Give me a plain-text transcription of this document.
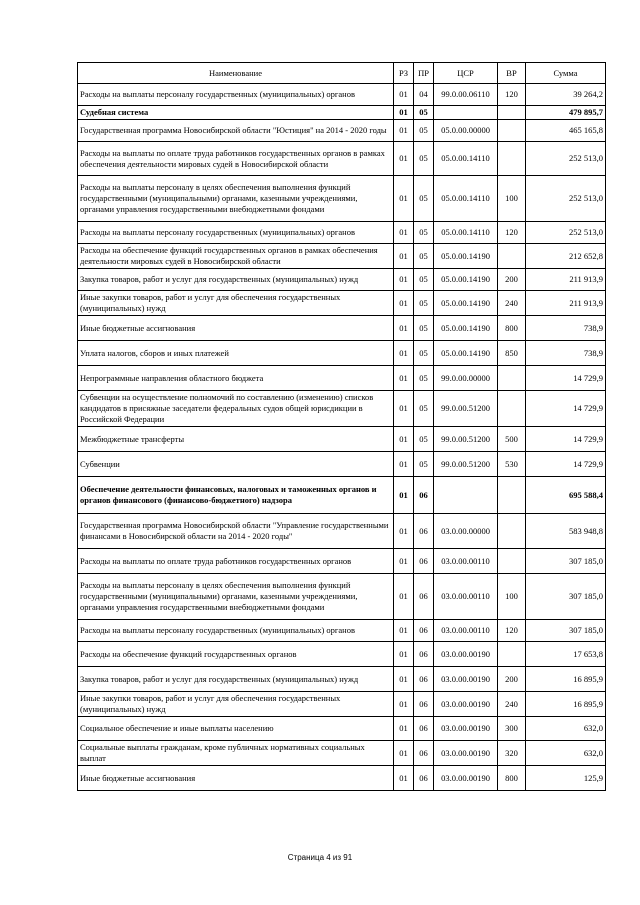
Наименование	РЗ	ПР	ЦСР	ВР	Сумма
Расходы на выплаты персоналу государственных (муниципальных) органов	01	04	99.0.00.06110	120	39 264,2
Судебная система	01	05			479 895,7
Государственная программа Новосибирской области "Юстиция" на 2014 - 2020 годы	01	05	05.0.00.00000		465 165,8
Расходы на выплаты по оплате труда работников государственных органов в рамках обеспечения деятельности мировых судей в Новосибирской области	01	05	05.0.00.14110		252 513,0
Расходы на выплаты персоналу в целях обеспечения выполнения функций государственными (муниципальными) органами, казенными учреждениями, органами управления государственными внебюджетными фондами	01	05	05.0.00.14110	100	252 513,0
Расходы на выплаты персоналу государственных (муниципальных) органов	01	05	05.0.00.14110	120	252 513,0
Расходы на обеспечение функций государственных органов в рамках обеспечения деятельности мировых судей в Новосибирской области	01	05	05.0.00.14190		212 652,8
Закупка товаров, работ и услуг для государственных (муниципальных) нужд	01	05	05.0.00.14190	200	211 913,9
Иные закупки товаров, работ и услуг для обеспечения государственных (муниципальных) нужд	01	05	05.0.00.14190	240	211 913,9
Иные бюджетные ассигнования	01	05	05.0.00.14190	800	738,9
Уплата налогов, сборов и иных платежей	01	05	05.0.00.14190	850	738,9
Непрограммные направления областного бюджета	01	05	99.0.00.00000		14 729,9
Субвенции на осуществление полномочий по составлению (изменению) списков кандидатов в присяжные заседатели федеральных судов общей юрисдикции в Российской Федерации	01	05	99.0.00.51200		14 729,9
Межбюджетные трансферты	01	05	99.0.00.51200	500	14 729,9
Субвенции	01	05	99.0.00.51200	530	14 729,9
Обеспечение деятельности финансовых, налоговых и таможенных органов и органов финансового (финансово-бюджетного) надзора	01	06			695 588,4
Государственная программа Новосибирской области "Управление государственными финансами в Новосибирской области на 2014 - 2020 годы"	01	06	03.0.00.00000		583 948,8
Расходы на выплаты по оплате труда работников государственных органов	01	06	03.0.00.00110		307 185,0
Расходы на выплаты персоналу в целях обеспечения выполнения функций государственными (муниципальными) органами, казенными учреждениями, органами управления государственными внебюджетными фондами	01	06	03.0.00.00110	100	307 185,0
Расходы на выплаты персоналу государственных (муниципальных) органов	01	06	03.0.00.00110	120	307 185,0
Расходы на обеспечение функций государственных органов	01	06	03.0.00.00190		17 653,8
Закупка товаров, работ и услуг для государственных (муниципальных) нужд	01	06	03.0.00.00190	200	16 895,9
Иные закупки товаров, работ и услуг для обеспечения государственных (муниципальных) нужд	01	06	03.0.00.00190	240	16 895,9
Социальное обеспечение и иные выплаты населению	01	06	03.0.00.00190	300	632,0
Социальные выплаты гражданам, кроме публичных нормативных социальных выплат	01	06	03.0.00.00190	320	632,0
Иные бюджетные ассигнования	01	06	03.0.00.00190	800	125,9
Страница 4 из 91
